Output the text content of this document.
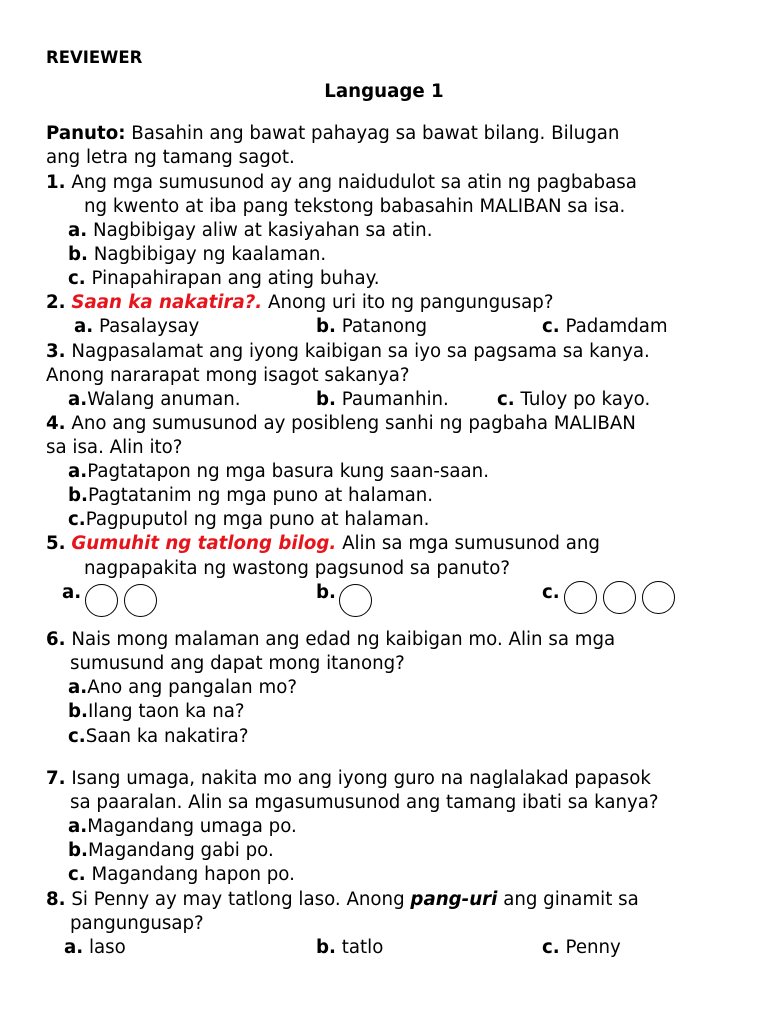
REVIEWER
Language 1
Panuto: Basahin ang bawat pahayag sa bawat bilang. Bilugan
ang letra ng tamang sagot.
1. Ang mga sumusunod ay ang naidudulot sa atin ng pagbabasa
ng kwento at iba pang tekstong babasahin MALIBAN sa isa.
a. Nagbibigay aliw at kasiyahan sa atin.
b. Nagbibigay ng kaalaman.
c. Pinapahirapan ang ating buhay.
2. Saan ka nakatira?. Anong uri ito ng pangungusap?
a. Pasalaysay	b. Patanong	c. Padamdam
3. Nagpasalamat ang iyong kaibigan sa iyo sa pagsama sa kanya.
Anong nararapat mong isagot sakanya?
a.Walang anuman.	b. Paumanhin.	c. Tuloy po kayo.
4. Ano ang sumusunod ay posibleng sanhi ng pagbaha MALIBAN
sa isa. Alin ito?
a.Pagtatapon ng mga basura kung saan-saan.
b.Pagtatanim ng mga puno at halaman.
c.Pagpuputol ng mga puno at halaman.
5. Gumuhit ng tatlong bilog. Alin sa mga sumusunod ang
nagpapakita ng wastong pagsunod sa panuto?
a.	b.	c.
6. Nais mong malaman ang edad ng kaibigan mo. Alin sa mga
sumusund ang dapat mong itanong?
a.Ano ang pangalan mo?
b.Ilang taon ka na?
c.Saan ka nakatira?
7. Isang umaga, nakita mo ang iyong guro na naglalakad papasok
sa paaralan. Alin sa mgasumusunod ang tamang ibati sa kanya?
a.Magandang umaga po.
b.Magandang gabi po.
c. Magandang hapon po.
8. Si Penny ay may tatlong laso. Anong pang-uri ang ginamit sa
pangungusap?
a. laso	b. tatlo	c. Penny
